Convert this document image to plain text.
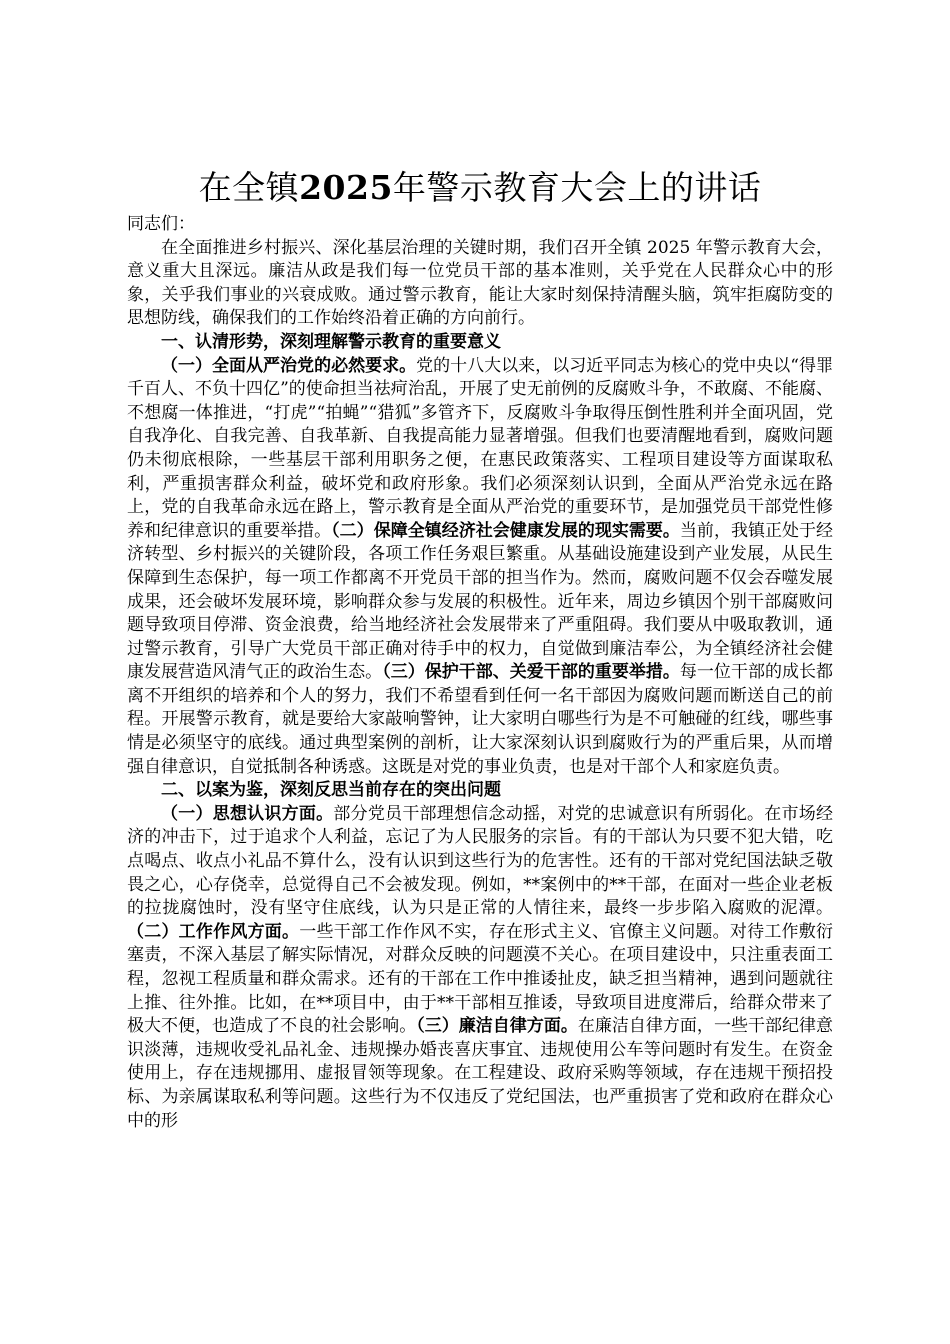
在全镇2025年警示教育大会上的讲话

同志们：

在全面推进乡村振兴、深化基层治理的关键时期，我们召开全镇 2025 年警示教育大会，意义重大且深远。廉洁从政是我们每一位党员干部的基本准则，关乎党在人民群众心中的形象，关乎我们事业的兴衰成败。通过警示教育，能让大家时刻保持清醒头脑，筑牢拒腐防变的思想防线，确保我们的工作始终沿着正确的方向前行。

一、认清形势，深刻理解警示教育的重要意义

（一）全面从严治党的必然要求。党的十八大以来，以习近平同志为核心的党中央以“得罪千百人、不负十四亿”的使命担当祛疴治乱，开展了史无前例的反腐败斗争，不敢腐、不能腐、不想腐一体推进，“打虎”“拍蝇”“猎狐”多管齐下，反腐败斗争取得压倒性胜利并全面巩固，党自我净化、自我完善、自我革新、自我提高能力显著增强。但我们也要清醒地看到，腐败问题仍未彻底根除，一些基层干部利用职务之便，在惠民政策落实、工程项目建设等方面谋取私利，严重损害群众利益，破坏党和政府形象。我们必须深刻认识到，全面从严治党永远在路上，党的自我革命永远在路上，警示教育是全面从严治党的重要环节，是加强党员干部党性修养和纪律意识的重要举措。（二）保障全镇经济社会健康发展的现实需要。当前，我镇正处于经济转型、乡村振兴的关键阶段，各项工作任务艰巨繁重。从基础设施建设到产业发展，从民生保障到生态保护，每一项工作都离不开党员干部的担当作为。然而，腐败问题不仅会吞噬发展成果，还会破坏发展环境，影响群众参与发展的积极性。近年来，周边乡镇因个别干部腐败问题导致项目停滞、资金浪费，给当地经济社会发展带来了严重阻碍。我们要从中吸取教训，通过警示教育，引导广大党员干部正确对待手中的权力，自觉做到廉洁奉公，为全镇经济社会健康发展营造风清气正的政治生态。（三）保护干部、关爱干部的重要举措。每一位干部的成长都离不开组织的培养和个人的努力，我们不希望看到任何一名干部因为腐败问题而断送自己的前程。开展警示教育，就是要给大家敲响警钟，让大家明白哪些行为是不可触碰的红线，哪些事情是必须坚守的底线。通过典型案例的剖析，让大家深刻认识到腐败行为的严重后果，从而增强自律意识，自觉抵制各种诱惑。这既是对党的事业负责，也是对干部个人和家庭负责。

二、以案为鉴，深刻反思当前存在的突出问题

（一）思想认识方面。部分党员干部理想信念动摇，对党的忠诚意识有所弱化。在市场经济的冲击下，过于追求个人利益，忘记了为人民服务的宗旨。有的干部认为只要不犯大错，吃点喝点、收点小礼品不算什么，没有认识到这些行为的危害性。还有的干部对党纪国法缺乏敬畏之心，心存侥幸，总觉得自己不会被发现。例如，**案例中的**干部，在面对一些企业老板的拉拢腐蚀时，没有坚守住底线，认为只是正常的人情往来，最终一步步陷入腐败的泥潭。（二）工作作风方面。一些干部工作作风不实，存在形式主义、官僚主义问题。对待工作敷衍塞责，不深入基层了解实际情况，对群众反映的问题漠不关心。在项目建设中，只注重表面工程，忽视工程质量和群众需求。还有的干部在工作中推诿扯皮，缺乏担当精神，遇到问题就往上推、往外推。比如，在**项目中，由于**干部相互推诿，导致项目进度滞后，给群众带来了极大不便，也造成了不良的社会影响。（三）廉洁自律方面。在廉洁自律方面，一些干部纪律意识淡薄，违规收受礼品礼金、违规操办婚丧喜庆事宜、违规使用公车等问题时有发生。在资金使用上，存在违规挪用、虚报冒领等现象。在工程建设、政府采购等领域，存在违规干预招投标、为亲属谋取私利等问题。这些行为不仅违反了党纪国法，也严重损害了党和政府在群众心中的形
